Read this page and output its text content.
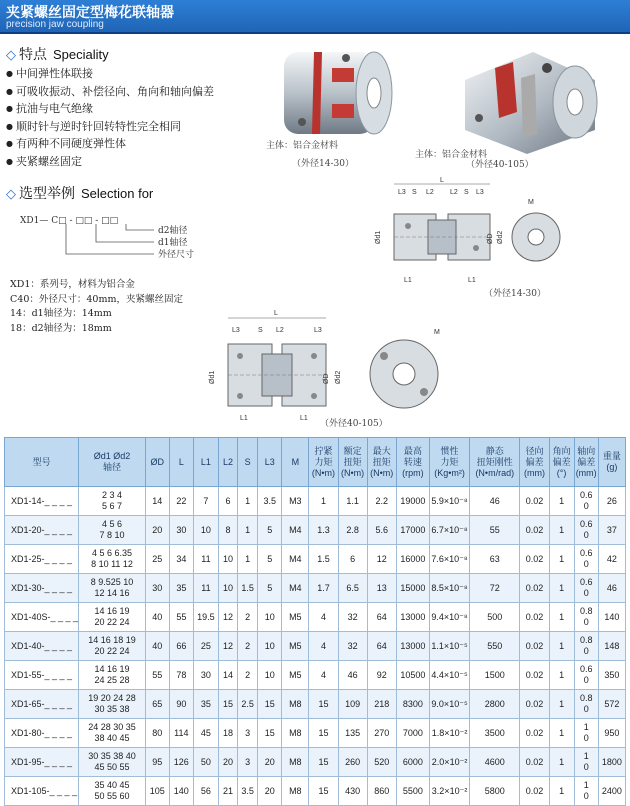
夹紧螺丝固定型梅花联轴器
precision jaw coupling
◇ 特点 Speciality
● 中间弹性体联接
● 可吸收振动、补偿径向、角向和轴向偏差
● 抗油与电气绝缘
● 顺时针与逆时针回转特性完全相同
● 有两种不同硬度弹性体
● 夹紧螺丝固定
主体：铝合金材料
（外径14-30）
主体：铝合金材料
（外径40-105）
◇ 选型举例 Selection for
XD1— C□ - □□ - □□
d2轴径
d1轴径
外径尺寸
XD1：系列号，材料为铝合金
C40：外径尺寸：40mm，夹紧螺丝固定
14：d1轴径为：14mm
18：d2轴径为：18mm
L
L3 S L2 L2 S L3
Ød1	ØD Ød2
L1	L1
M
（外径14-30）
L
L3	S L2	L3
Ød1	ØD Ød2
L1	L1
M
（外径40-105）
型号	Ød1 Ød2
轴径	ØD	L	L1	L2	S	L3	M	拧紧
力矩
(N•m)	额定
扭矩
(N•m)	最大
扭矩
(N•m)	最高
转速
(rpm)	惯性
力矩
(Kg•m²)	静态
扭矩刚性
(N•m/rad)	径向
偏差
(mm)	角向
偏差
(°)	轴向
偏差
(mm)	重量
(g)
XD1-14-_ _ _ _	2 3 4
5 6 7	14	22	7	6	1	3.5	M3	1	1.1	2.2	19000	5.9×10⁻⁸	46	0.02	1	0.6
0	26
XD1-20-_ _ _ _	4 5 6
7 8 10	20	30	10	8	1	5	M4	1.3	2.8	5.6	17000	6.7×10⁻⁸	55	0.02	1	0.6
0	37
XD1-25-_ _ _ _	4 5 6 6.35
8 10 11 12	25	34	11	10	1	5	M4	1.5	6	12	16000	7.6×10⁻⁸	63	0.02	1	0.6
0	42
XD1-30-_ _ _ _	8 9.525 10
12 14 16	30	35	11	10	1.5	5	M4	1.7	6.5	13	15000	8.5×10⁻⁸	72	0.02	1	0.6
0	46
XD1-40S-_ _ _ _	14 16 19
20 22 24	40	55	19.5	12	2	10	M5	4	32	64	13000	9.4×10⁻⁸	500	0.02	1	0.8
0	140
XD1-40-_ _ _ _	14 16 18 19
20 22 24	40	66	25	12	2	10	M5	4	32	64	13000	1.1×10⁻⁵	550	0.02	1	0.8
0	148
XD1-55-_ _ _ _	14 16 19
24 25 28	55	78	30	14	2	10	M5	4	46	92	10500	4.4×10⁻⁵	1500	0.02	1	0.6
0	350
XD1-65-_ _ _ _	19 20 24 28
30 35 38	65	90	35	15	2.5	15	M8	15	109	218	8300	9.0×10⁻⁵	2800	0.02	1	0.8
0	572
XD1-80-_ _ _ _	24 28 30 35
38 40 45	80	114	45	18	3	15	M8	15	135	270	7000	1.8×10⁻²	3500	0.02	1	1
0	950
XD1-95-_ _ _ _	30 35 38 40
45 50 55	95	126	50	20	3	20	M8	15	260	520	6000	2.0×10⁻²	4600	0.02	1	1
0	1800
XD1-105-_ _ _ _	35 40 45
50 55 60	105	140	56	21	3.5	20	M8	15	430	860	5500	3.2×10⁻²	5800	0.02	1	1
0	2400
